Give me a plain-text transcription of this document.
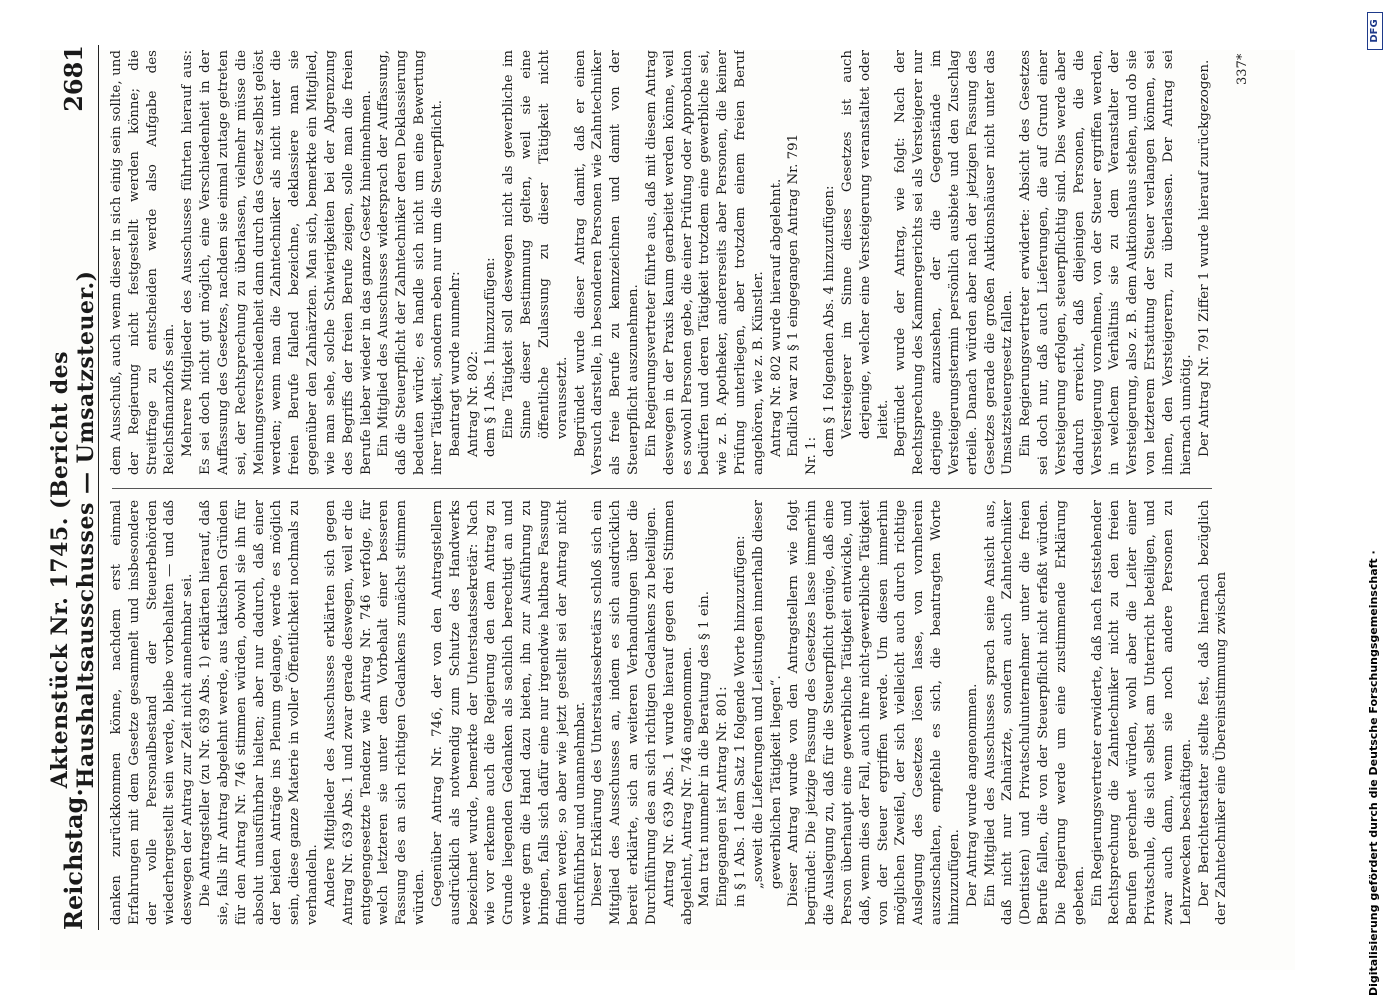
Reichstag.
Aktenstück Nr. 1745. (Bericht des Haushaltsausschusses — Umsatzsteuer.)
2681

danken zurückkommen könne, nachdem erst einmal Erfahrungen mit dem Gesetze gesammelt und insbesondere der volle Personalbestand der Steuerbehörden wiederhergestellt sein werde, bleibe vorbehalten — und daß deswegen der Antrag zur Zeit nicht annehmbar sei. Die Antragsteller (zu Nr. 639 Abs. 1) erklärten hierauf, daß sie, falls ihr Antrag abgelehnt werde, aus taktischen Gründen für den Antrag Nr. 746 stimmen würden, obwohl sie ihn für absolut unausführbar hielten; aber nur dadurch, daß einer der beiden Anträge ins Plenum gelange, werde es möglich sein, diese ganze Materie in voller Öffentlichkeit nochmals zu verhandeln. Andere Mitglieder des Ausschusses erklärten sich gegen Antrag Nr. 639 Abs. 1 und zwar gerade deswegen, weil er die entgegengesetzte Tendenz wie Antrag Nr. 746 verfolge, für welch letzteren sie unter dem Vorbehalt einer besseren Fassung des an sich richtigen Gedankens zunächst stimmen würden. Gegenüber Antrag Nr. 746, der von den Antragstellern ausdrücklich als notwendig zum Schutze des Handwerks bezeichnet wurde, bemerkte der Unterstaatssekretär: Nach wie vor erkenne auch die Regierung den dem Antrag zu Grunde liegenden Gedanken als sachlich berechtigt an und werde gern die Hand dazu bieten, ihn zur Ausführung zu bringen, falls sich dafür eine nur irgendwie haltbare Fassung finden werde; so aber wie jetzt gestellt sei der Antrag nicht durchführbar und unannehmbar. Dieser Erklärung des Unterstaatssekretärs schloß sich ein Mitglied des Ausschusses an, indem es sich ausdrücklich bereit erklärte, sich an weiteren Verhandlungen über die Durchführung des an sich richtigen Gedankens zu beteiligen. Antrag Nr. 639 Abs. 1 wurde hierauf gegen drei Stimmen abgelehnt, Antrag Nr. 746 angenommen. Man trat nunmehr in die Beratung des § 1 ein. Eingegangen ist Antrag Nr. 801: in § 1 Abs. 1 dem Satz 1 folgende Worte hinzuzufügen: „soweit die Lieferungen und Leistungen innerhalb dieser gewerblichen Tätigkeit liegen“. Dieser Antrag wurde von den Antragstellern wie folgt begründet: Die jetzige Fassung des Gesetzes lasse immerhin die Auslegung zu, daß für die Steuerpflicht genüge, daß eine Person überhaupt eine gewerbliche Tätigkeit entwickle, und daß, wenn dies der Fall, auch ihre nicht-gewerbliche Tätigkeit von der Steuer ergriffen werde. Um diesen immerhin möglichen Zweifel, der sich vielleicht auch durch richtige Auslegung des Gesetzes lösen lasse, von vornherein auszuschalten, empfehle es sich, die beantragten Worte hinzuzufügen. Der Antrag wurde angenommen. Ein Mitglied des Ausschusses sprach seine Ansicht aus, daß nicht nur Zahnärzte, sondern auch Zahntechniker (Dentisten) und Privatschulunternehmer unter die freien Berufe fallen, die von der Steuerpflicht nicht erfaßt würden. Die Regierung werde um eine zustimmende Erklärung gebeten. Ein Regierungsvertreter erwiderte, daß nach feststehender Rechtsprechung die Zahntechniker nicht zu den freien Berufen gerechnet würden, wohl aber die Leiter einer Privatschule, die sich selbst am Unterricht beteiligen, und zwar auch dann, wenn sie noch andere Personen zu Lehrzwecken beschäftigen. Der Berichterstatter stellte fest, daß hiernach bezüglich der Zahntechniker eine Übereinstimmung zwischen

dem Ausschuß, auch wenn dieser in sich einig sein sollte, und der Regierung nicht festgestellt werden könne; die Streitfrage zu entscheiden werde also Aufgabe des Reichsfinanzhofs sein. Mehrere Mitglieder des Ausschusses führten hierauf aus: Es sei doch nicht gut möglich, eine Verschiedenheit in der Auffassung des Gesetzes, nachdem sie einmal zutage getreten sei, der Rechtsprechung zu überlassen, vielmehr müsse die Meinungsverschiedenheit dann durch das Gesetz selbst gelöst werden; wenn man die Zahntechniker als nicht unter die freien Berufe fallend bezeichne, deklassiere man sie gegenüber den Zahnärzten. Man sich, bemerkte ein Mitglied, wie man sehe, solche Schwierigkeiten bei der Abgrenzung des Begriffs der freien Berufe zeigen, solle man die freien Berufe lieber wieder in das ganze Gesetz hineinnehmen. Ein Mitglied des Ausschusses widersprach der Auffassung, daß die Steuerpflicht der Zahntechniker deren Deklassierung bedeuten würde; es handle sich nicht um eine Bewertung ihrer Tätigkeit, sondern eben nur um die Steuerpflicht. Beantragt wurde nunmehr: Antrag Nr. 802: dem § 1 Abs. 1 hinzuzufügen: Eine Tätigkeit soll deswegen nicht als gewerbliche im Sinne dieser Bestimmung gelten, weil sie eine öffentliche Zulassung zu dieser Tätigkeit nicht voraussetzt. Begründet wurde dieser Antrag damit, daß er einen Versuch darstelle, in besonderen Personen wie Zahntechniker als freie Berufe zu kennzeichnen und damit von der Steuerpflicht auszunehmen. Ein Regierungsvertreter führte aus, daß mit diesem Antrag deswegen in der Praxis kaum gearbeitet werden könne, weil es sowohl Personen gebe, die einer Prüfung oder Approbation bedürfen und deren Tätigkeit trotzdem eine gewerbliche sei, wie z. B. Apotheker, andererseits aber Personen, die keiner Prüfung unterliegen, aber trotzdem einem freien Beruf angehören, wie z. B. Künstler. Antrag Nr. 802 wurde hierauf abgelehnt. Endlich war zu § 1 eingegangen Antrag Nr. 791 Nr. 1: dem § 1 folgenden Abs. 4 hinzuzufügen: Versteigerer im Sinne dieses Gesetzes ist auch derjenige, welcher eine Versteigerung veranstaltet oder leitet. Begründet wurde der Antrag, wie folgt: Nach der Rechtsprechung des Kammergerichts sei als Versteigerer nur derjenige anzusehen, der die Gegenstände im Versteigerungstermin persönlich ausbiete und den Zuschlag erteile. Danach würden aber nach der jetzigen Fassung des Gesetzes gerade die großen Auktionshäuser nicht unter das Umsatzsteuergesetz fallen. Ein Regierungsvertreter erwiderte: Absicht des Gesetzes sei doch nur, daß auch Lieferungen, die auf Grund einer Versteigerung erfolgen, steuerpflichtig sind. Dies werde aber dadurch erreicht, daß diejenigen Personen, die die Versteigerung vornehmen, von der Steuer ergriffen werden, in welchem Verhältnis sie zu dem Veranstalter der Versteigerung, also z. B. dem Auktionshaus stehen, und ob sie von letzterem Erstattung der Steuer verlangen können, sei ihnen, den Versteigerern, zu überlassen. Der Antrag sei hiernach unnötig. Der Antrag Nr. 791 Ziffer 1 wurde hierauf zurückgezogen. 337*
DFG
Digitalisierung gefördert durch die Deutsche Forschungsgemeinschaft ·
